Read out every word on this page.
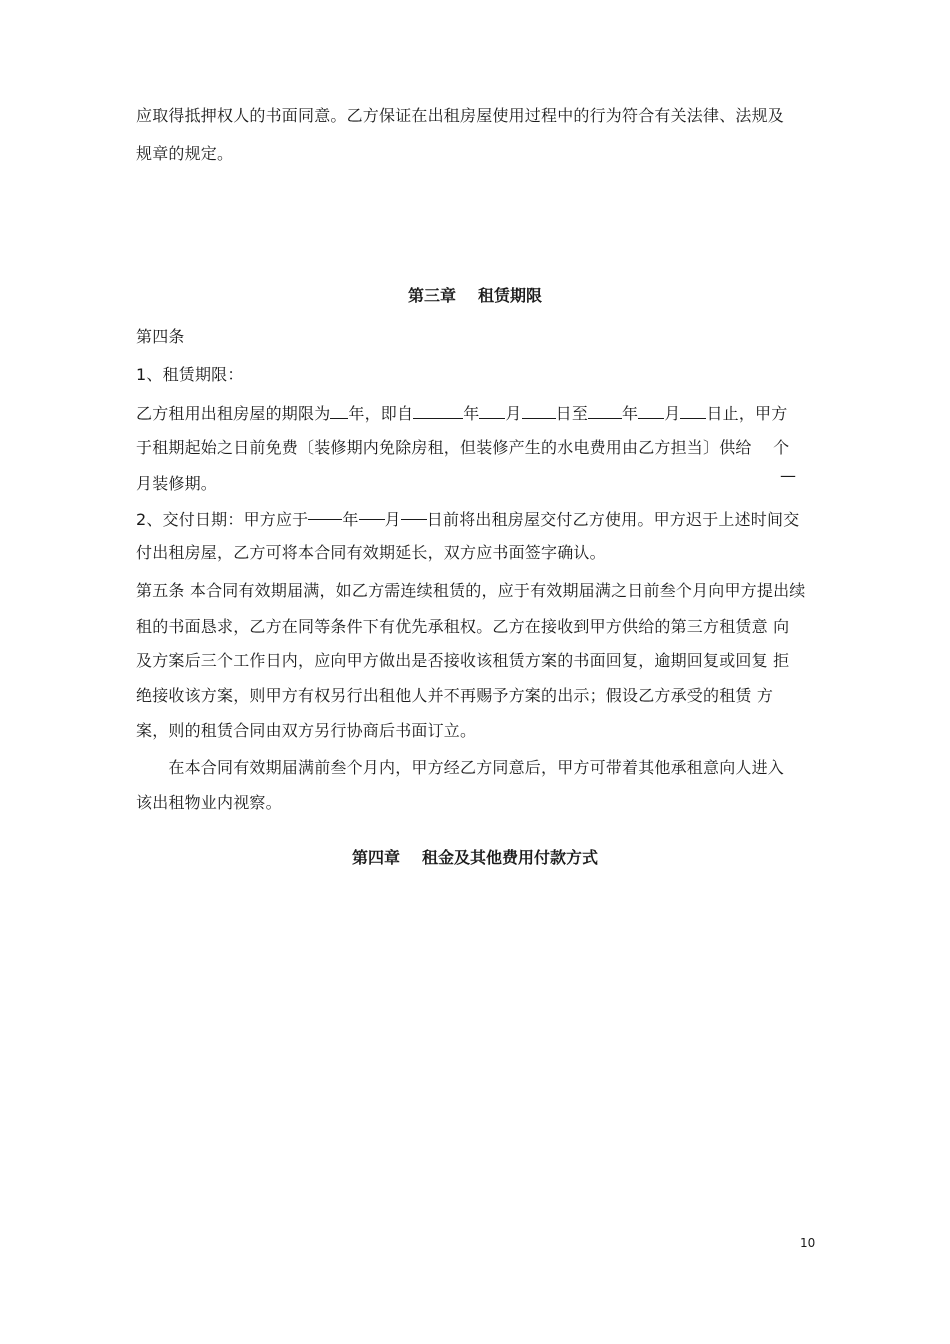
应取得抵押权人的书面同意。乙方保证在出租房屋使用过程中的行为符合有关法律、法规及
规章的规定。
第三章 租赁期限
第四条
1、租赁期限：
乙方租用出租房屋的期限为 年，即自	年 月 日至 年 月 日止，甲方
于租期起始之日前免费〔装修期内免除房租，但装修产生的水电费用由乙方担当〕供给　 个
—
月装修期。
2、交付日期：甲方应于 年 月 日前将出租房屋交付乙方使用。甲方迟于上述时间交
付出租房屋，乙方可将本合同有效期延长，双方应书面签字确认。
第五条 本合同有效期届满，如乙方需连续租赁的，应于有效期届满之日前叁个月向甲方提出续
租的书面恳求，乙方在同等条件下有优先承租权。乙方在接收到甲方供给的第三方租赁意 向
及方案后三个工作日内，应向甲方做出是否接收该租赁方案的书面回复，逾期回复或回复 拒
绝接收该方案，则甲方有权另行出租他人并不再赐予方案的出示；假设乙方承受的租赁 方
案，则的租赁合同由双方另行协商后书面订立。
　　在本合同有效期届满前叁个月内，甲方经乙方同意后，甲方可带着其他承租意向人进入
该出租物业内视察。
第四章 租金及其他费用付款方式
10
